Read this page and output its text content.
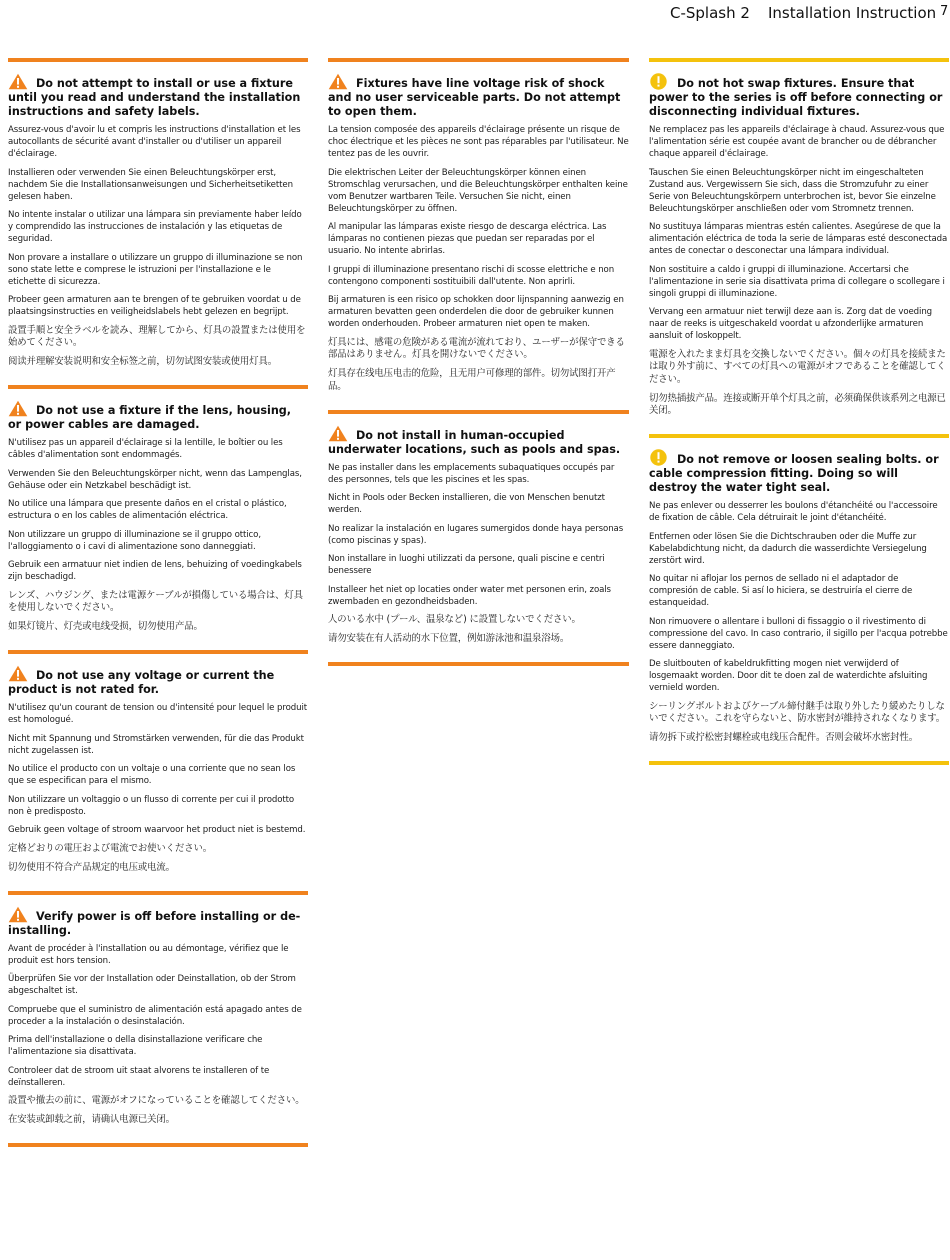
C-Splash 2 Installation Instruction 7
Do not attempt to install or use a fixture until you read and understand the installation instructions and safety labels.
Assurez-vous d'avoir lu et compris les instructions d'installation et les autocollants de sécurité avant d'installer ou d'utiliser un appareil d'éclairage.
Installieren oder verwenden Sie einen Beleuchtungskörper erst, nachdem Sie die Installationsanweisungen und Sicherheitsetiketten gelesen haben.
No intente instalar o utilizar una lámpara sin previamente haber leído y comprendido las instrucciones de instalación y las etiquetas de seguridad.
Non provare a installare o utilizzare un gruppo di illuminazione se non sono state lette e comprese le istruzioni per l'installazione e le etichette di sicurezza.
Probeer geen armaturen aan te brengen of te gebruiken voordat u de plaatsingsinstructies en veiligheidslabels hebt gelezen en begrijpt.
設置手順と安全ラベルを読み、理解してから、灯具の設置または使用を始めてください。
阅读并理解安装说明和安全标签之前，切勿试图安装或使用灯具。
Do not use a fixture if the lens, housing, or power cables are damaged.
N'utilisez pas un appareil d'éclairage si la lentille, le boîtier ou les câbles d'alimentation sont endommagés.
Verwenden Sie den Beleuchtungskörper nicht, wenn das Lampenglas, Gehäuse oder ein Netzkabel beschädigt ist.
No utilice una lámpara que presente daños en el cristal o plástico, estructura o en los cables de alimentación eléctrica.
Non utilizzare un gruppo di illuminazione se il gruppo ottico, l'alloggiamento o i cavi di alimentazione sono danneggiati.
Gebruik een armatuur niet indien de lens, behuizing of voedingkabels zijn beschadigd.
レンズ、ハウジング、または電源ケーブルが損傷している場合は、灯具を使用しないでください。
如果灯镜片、灯壳或电线受损，切勿使用产品。
Do not use any voltage or current the product is not rated for.
N'utilisez qu'un courant de tension ou d'intensité pour lequel le produit est homologué.
Nicht mit Spannung und Stromstärken verwenden, für die das Produkt nicht zugelassen ist.
No utilice el producto con un voltaje o una corriente que no sean los que se especifican para el mismo.
Non utilizzare un voltaggio o un flusso di corrente per cui il prodotto non è predisposto.
Gebruik geen voltage of stroom waarvoor het product niet is bestemd.
定格どおりの電圧および電流でお使いください。
切勿使用不符合产品规定的电压或电流。
Verify power is off before installing or de-installing.
Avant de procéder à l'installation ou au démontage, vérifiez que le produit est hors tension.
Überprüfen Sie vor der Installation oder Deinstallation, ob der Strom abgeschaltet ist.
Compruebe que el suministro de alimentación está apagado antes de proceder a la instalación o desinstalación.
Prima dell'installazione o della disinstallazione verificare che l'alimentazione sia disattivata.
Controleer dat de stroom uit staat alvorens te installeren of te deïnstalleren.
設置や撤去の前に、電源がオフになっていることを確認してください。
在安装或卸载之前，请确认电源已关闭。
Fixtures have line voltage risk of shock and no user serviceable parts. Do not attempt to open them.
La tension composée des appareils d'éclairage présente un risque de choc électrique et les pièces ne sont pas réparables par l'utilisateur. Ne tentez pas de les ouvrir.
Die elektrischen Leiter der Beleuchtungskörper können einen Stromschlag verursachen, und die Beleuchtungskörper enthalten keine vom Benutzer wartbaren Teile. Versuchen Sie nicht, einen Beleuchtungskörper zu öffnen.
Al manipular las lámparas existe riesgo de descarga eléctrica. Las lámparas no contienen piezas que puedan ser reparadas por el usuario. No intente abrirlas.
I gruppi di illuminazione presentano rischi di scosse elettriche e non contengono componenti sostituibili dall'utente. Non aprirli.
Bij armaturen is een risico op schokken door lijnspanning aanwezig en armaturen bevatten geen onderdelen die door de gebruiker kunnen worden onderhouden. Probeer armaturen niet open te maken.
灯具には、感電の危険がある電流が流れており、ユーザーが保守できる部品はありません。灯具を開けないでください。
灯具存在线电压电击的危险，且无用户可修理的部件。切勿试图打开产品。
Do not install in human-occupied underwater locations, such as pools and spas.
Ne pas installer dans les emplacements subaquatiques occupés par des personnes, tels que les piscines et les spas.
Nicht in Pools oder Becken installieren, die von Menschen benutzt werden.
No realizar la instalación en lugares sumergidos donde haya personas (como piscinas y spas).
Non installare in luoghi utilizzati da persone, quali piscine e centri benessere
Installeer het niet op locaties onder water met personen erin, zoals zwembaden en gezondheidsbaden.
人のいる水中 (プール、温泉など) に設置しないでください。
请勿安装在有人活动的水下位置，例如游泳池和温泉浴场。
Do not hot swap fixtures. Ensure that power to the series is off before connecting or disconnecting individual fixtures.
Ne remplacez pas les appareils d'éclairage à chaud. Assurez-vous que l'alimentation série est coupée avant de brancher ou de débrancher chaque appareil d'éclairage.
Tauschen Sie einen Beleuchtungskörper nicht im eingeschalteten Zustand aus. Vergewissern Sie sich, dass die Stromzufuhr zu einer Serie von Beleuchtungskörpern unterbrochen ist, bevor Sie einzelne Beleuchtungskörper anschließen oder vom Stromnetz trennen.
No sustituya lámparas mientras estén calientes. Asegúrese de que la alimentación eléctrica de toda la serie de lámparas esté desconectada antes de conectar o desconectar una lámpara individual.
Non sostituire a caldo i gruppi di illuminazione. Accertarsi che l'alimentazione in serie sia disattivata prima di collegare o scollegare i singoli gruppi di illuminazione.
Vervang een armatuur niet terwijl deze aan is. Zorg dat de voeding naar de reeks is uitgeschakeld voordat u afzonderlijke armaturen aansluit of loskoppelt.
電源を入れたまま灯具を交換しないでください。個々の灯具を接続または取り外す前に、すべての灯具への電源がオフであることを確認してください。
切勿热插拔产品。连接或断开单个灯具之前，必须确保供该系列之电源已关闭。
Do not remove or loosen sealing bolts. or cable compression fitting. Doing so will destroy the water tight seal.
Ne pas enlever ou desserrer les boulons d'étanchéité ou l'accessoire de fixation de câble. Cela détruirait le joint d'étanchéité.
Entfernen oder lösen Sie die Dichtschrauben oder die Muffe zur Kabelabdichtung nicht, da dadurch die wasserdichte Versiegelung zerstört wird.
No quitar ni aflojar los pernos de sellado ni el adaptador de compresión de cable. Si así lo hiciera, se destruiría el cierre de estanqueidad.
Non rimuovere o allentare i bulloni di fissaggio o il rivestimento di compressione del cavo. In caso contrario, il sigillo per l'acqua potrebbe essere danneggiato.
De sluitbouten of kabeldrukfitting mogen niet verwijderd of losgemaakt worden. Door dit te doen zal de waterdichte afsluiting vernield worden.
シーリングボルトおよびケーブル締付継手は取り外したり緩めたりしないでください。これを守らないと、防水密封が維持されなくなります。
请勿拆下或拧松密封螺栓或电线压合配件。否则会破坏水密封性。
